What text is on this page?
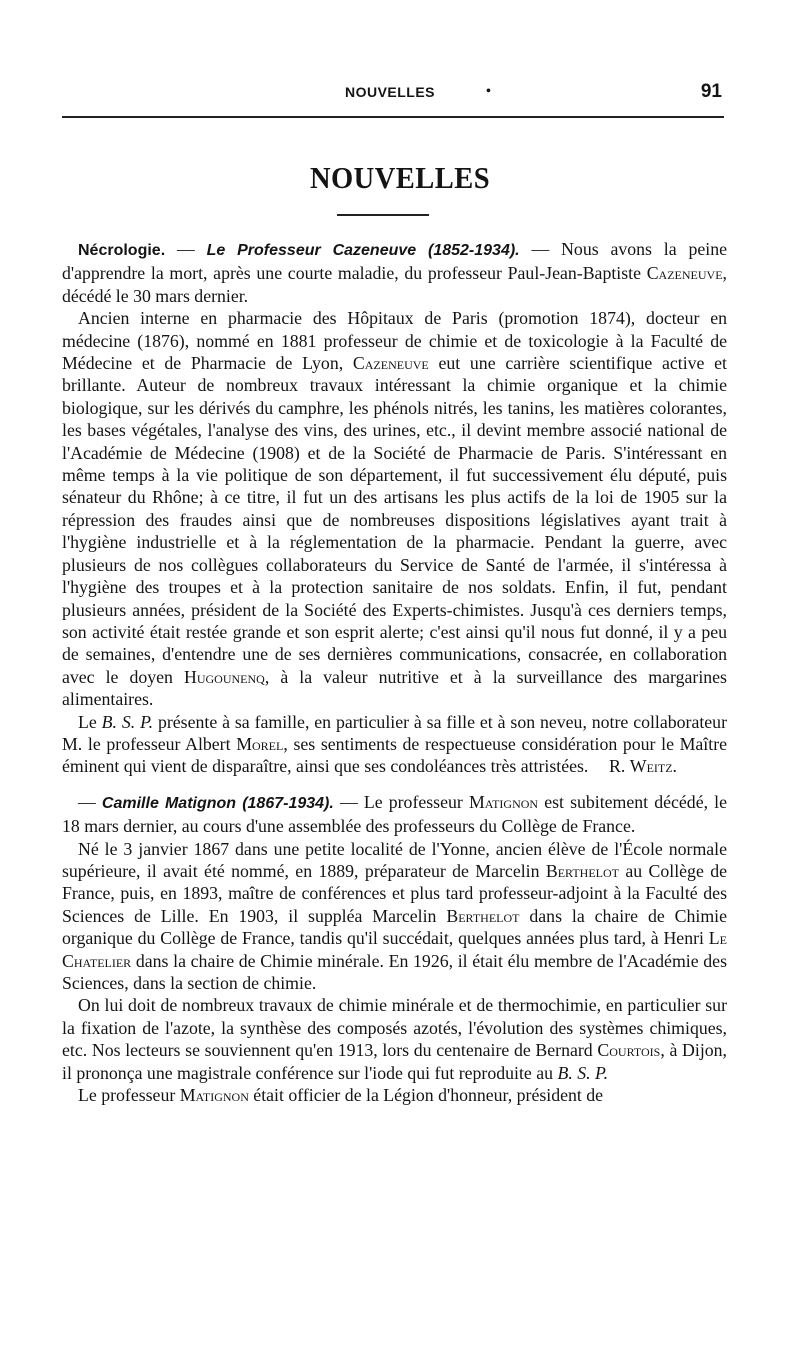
NOUVELLES	•	91
NOUVELLES

Nécrologie. — Le Professeur Cazeneuve (1852-1934). — Nous avons la peine d'apprendre la mort, après une courte maladie, du professeur Paul-Jean-Baptiste Cazeneuve, décédé le 30 mars dernier.

Ancien interne en pharmacie des Hôpitaux de Paris (promotion 1874), docteur en médecine (1876), nommé en 1881 professeur de chimie et de toxicologie à la Faculté de Médecine et de Pharmacie de Lyon, Cazeneuve eut une carrière scientifique active et brillante. Auteur de nombreux travaux intéressant la chimie organique et la chimie biologique, sur les dérivés du camphre, les phénols nitrés, les tanins, les matières colorantes, les bases végétales, l'analyse des vins, des urines, etc., il devint membre associé national de l'Académie de Médecine (1908) et de la Société de Pharmacie de Paris. S'intéressant en même temps à la vie politique de son département, il fut successivement élu député, puis sénateur du Rhône; à ce titre, il fut un des artisans les plus actifs de la loi de 1905 sur la répression des fraudes ainsi que de nombreuses dispositions législatives ayant trait à l'hygiène industrielle et à la réglementation de la pharmacie. Pendant la guerre, avec plusieurs de nos collègues collaborateurs du Service de Santé de l'armée, il s'intéressa à l'hygiène des troupes et à la protection sanitaire de nos soldats. Enfin, il fut, pendant plusieurs années, président de la Société des Experts-chimistes. Jusqu'à ces derniers temps, son activité était restée grande et son esprit alerte; c'est ainsi qu'il nous fut donné, il y a peu de semaines, d'entendre une de ses dernières communications, consacrée, en collaboration avec le doyen Hugounenq, à la valeur nutritive et à la surveillance des margarines alimentaires.

Le B. S. P. présente à sa famille, en particulier à sa fille et à son neveu, notre collaborateur M. le professeur Albert Morel, ses sentiments de respectueuse considération pour le Maître éminent qui vient de disparaître, ainsi que ses condoléances très attristées.	R. Weitz.

— Camille Matignon (1867-1934). — Le professeur Matignon est subitement décédé, le 18 mars dernier, au cours d'une assemblée des professeurs du Collège de France.

Né le 3 janvier 1867 dans une petite localité de l'Yonne, ancien élève de l'École normale supérieure, il avait été nommé, en 1889, préparateur de Marcelin Berthelot au Collège de France, puis, en 1893, maître de conférences et plus tard professeur-adjoint à la Faculté des Sciences de Lille. En 1903, il suppléa Marcelin Berthelot dans la chaire de Chimie organique du Collège de France, tandis qu'il succédait, quelques années plus tard, à Henri Le Chatelier dans la chaire de Chimie minérale. En 1926, il était élu membre de l'Académie des Sciences, dans la section de chimie.

On lui doit de nombreux travaux de chimie minérale et de thermochimie, en particulier sur la fixation de l'azote, la synthèse des composés azotés, l'évolution des systèmes chimiques, etc. Nos lecteurs se souviennent qu'en 1913, lors du centenaire de Bernard Courtois, à Dijon, il prononça une magistrale conférence sur l'iode qui fut reproduite au B. S. P.

Le professeur Matignon était officier de la Légion d'honneur, président de
